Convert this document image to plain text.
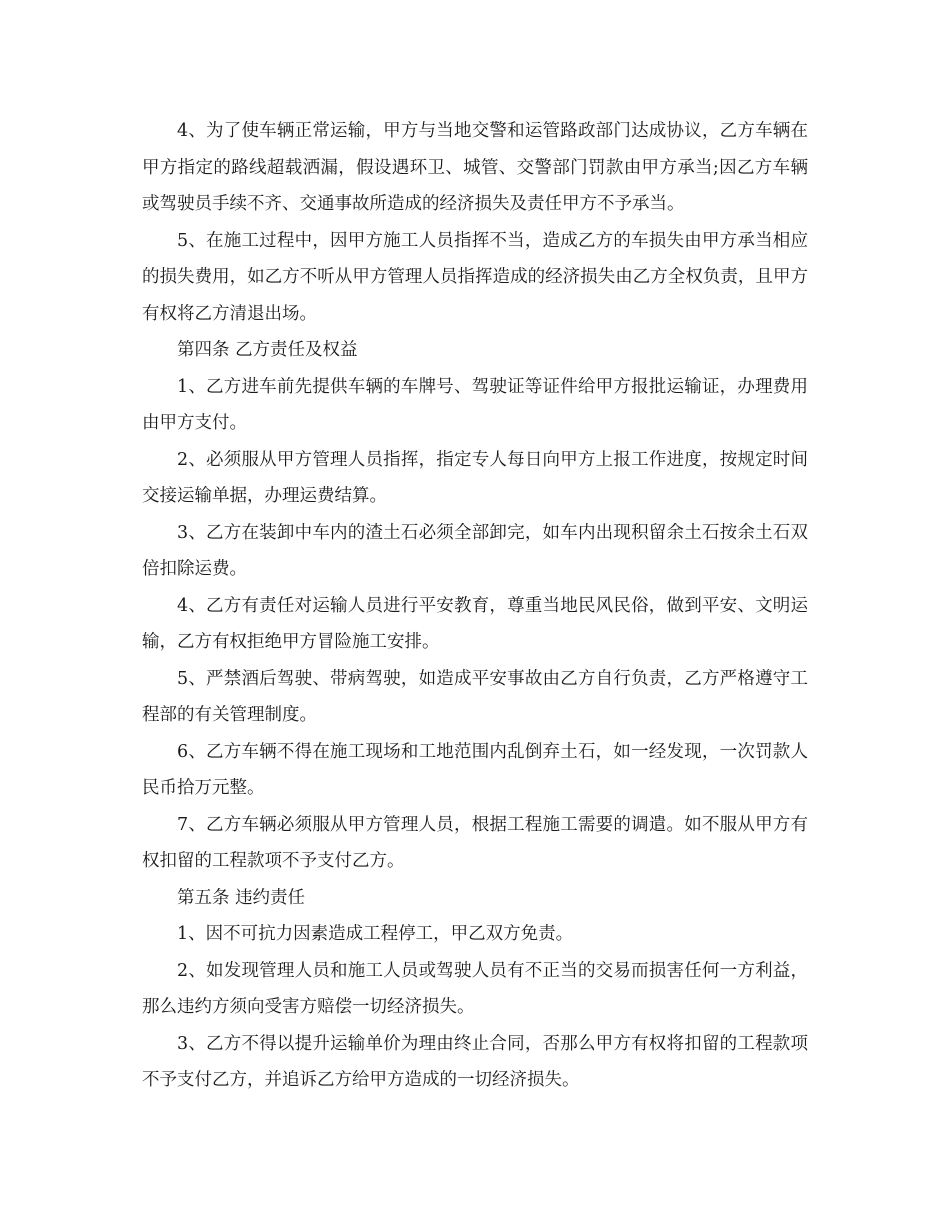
4、为了使车辆正常运输，甲方与当地交警和运管路政部门达成协议，乙方车辆在甲方指定的路线超载洒漏，假设遇环卫、城管、交警部门罚款由甲方承当;因乙方车辆或驾驶员手续不齐、交通事故所造成的经济损失及责任甲方不予承当。

5、在施工过程中，因甲方施工人员指挥不当，造成乙方的车损失由甲方承当相应的损失费用，如乙方不听从甲方管理人员指挥造成的经济损失由乙方全权负责，且甲方有权将乙方清退出场。

第四条 乙方责任及权益

1、乙方进车前先提供车辆的车牌号、驾驶证等证件给甲方报批运输证，办理费用由甲方支付。

2、必须服从甲方管理人员指挥，指定专人每日向甲方上报工作进度，按规定时间交接运输单据，办理运费结算。

3、乙方在装卸中车内的渣土石必须全部卸完，如车内出现积留余土石按余土石双倍扣除运费。

4、乙方有责任对运输人员进行平安教育，尊重当地民风民俗，做到平安、文明运输，乙方有权拒绝甲方冒险施工安排。

5、严禁酒后驾驶、带病驾驶，如造成平安事故由乙方自行负责，乙方严格遵守工程部的有关管理制度。

6、乙方车辆不得在施工现场和工地范围内乱倒弃土石，如一经发现，一次罚款人民币拾万元整。

7、乙方车辆必须服从甲方管理人员，根据工程施工需要的调遣。如不服从甲方有权扣留的工程款项不予支付乙方。

第五条 违约责任

1、因不可抗力因素造成工程停工，甲乙双方免责。

2、如发现管理人员和施工人员或驾驶人员有不正当的交易而损害任何一方利益，那么违约方须向受害方赔偿一切经济损失。

3、乙方不得以提升运输单价为理由终止合同，否那么甲方有权将扣留的工程款项不予支付乙方，并追诉乙方给甲方造成的一切经济损失。
